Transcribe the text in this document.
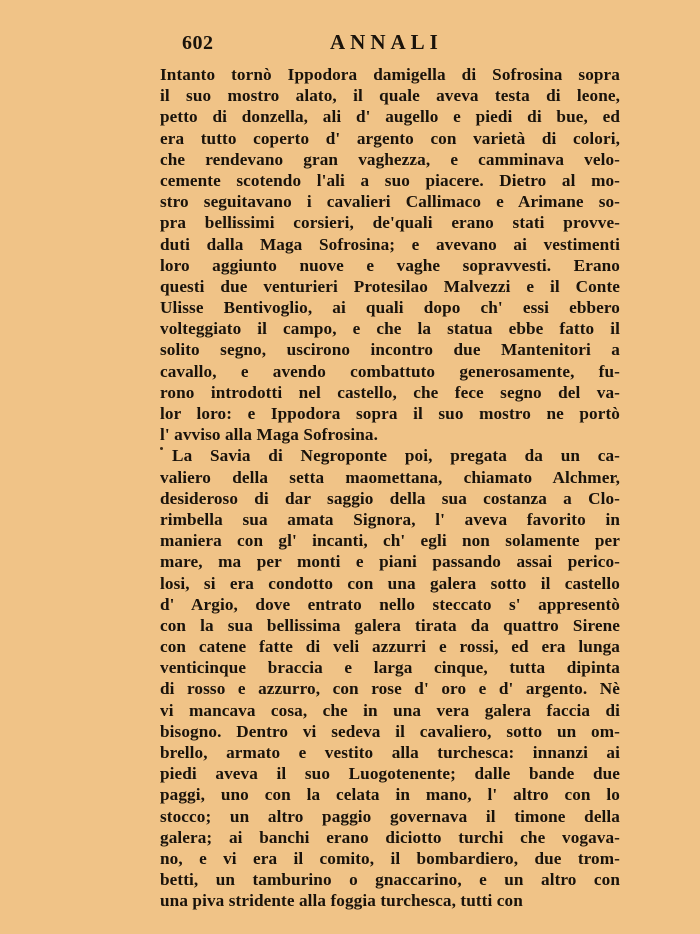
602	ANNALI
Intanto tornò Ippodora damigella di Sofrosina sopra
il suo mostro alato, il quale aveva testa di leone,
petto di donzella, ali d' augello e piedi di bue, ed
era tutto coperto d' argento con varietà di colori,
che rendevano gran vaghezza, e camminava velo-
cemente scotendo l'ali a suo piacere. Dietro al mo-
stro seguitavano i cavalieri Callimaco e Arimane so-
pra bellissimi corsieri, de'quali erano stati provve-
duti dalla Maga Sofrosina; e avevano ai vestimenti
loro aggiunto nuove e vaghe sopravvesti. Erano
questi due venturieri Protesilao Malvezzi e il Conte
Ulisse Bentivoglio, ai quali dopo ch' essi ebbero
volteggiato il campo, e che la statua ebbe fatto il
solito segno, uscirono incontro due Mantenitori a
cavallo, e avendo combattuto generosamente, fu-
rono introdotti nel castello, che fece segno del va-
lor loro: e Ippodora sopra il suo mostro ne portò
l' avviso alla Maga Sofrosina.
La Savia di Negroponte poi, pregata da un ca-
valiero della setta maomettana, chiamato Alchmer,
desideroso di dar saggio della sua costanza a Clo-
rimbella sua amata Signora, l' aveva favorito in
maniera con gl' incanti, ch' egli non solamente per
mare, ma per monti e piani passando assai perico-
losi, si era condotto con una galera sotto il castello
d' Argio, dove entrato nello steccato s' appresentò
con la sua bellissima galera tirata da quattro Sirene
con catene fatte di veli azzurri e rossi, ed era lunga
venticinque braccia e larga cinque, tutta dipinta
di rosso e azzurro, con rose d' oro e d' argento. Nè
vi mancava cosa, che in una vera galera faccia di
bisogno. Dentro vi sedeva il cavaliero, sotto un om-
brello, armato e vestito alla turchesca: innanzi ai
piedi aveva il suo Luogotenente; dalle bande due
paggi, uno con la celata in mano, l' altro con lo
stocco; un altro paggio governava il timone della
galera; ai banchi erano diciotto turchi che vogava-
no, e vi era il comito, il bombardiero, due trom-
betti, un tamburino o gnaccarino, e un altro con
una piva stridente alla foggia turchesca, tutti con
